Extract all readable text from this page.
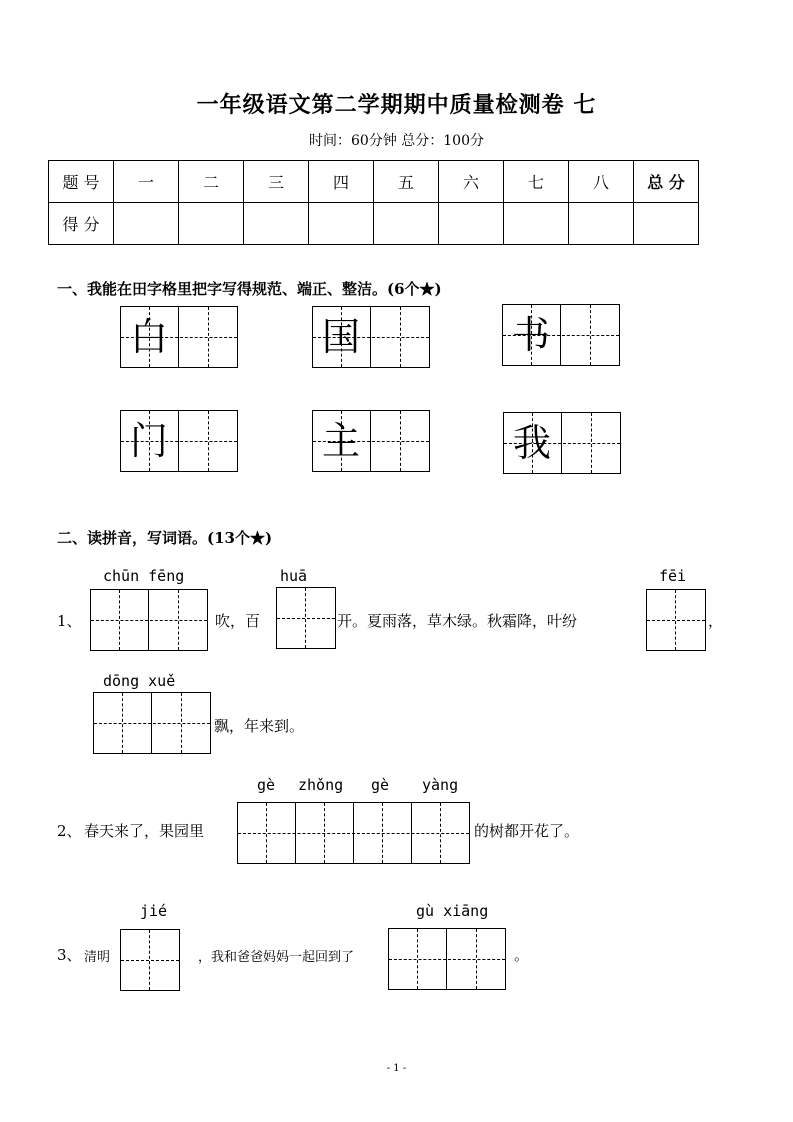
一年级语文第二学期期中质量检测卷 七
时间：60分钟 总分：100分
题 号	一	二	三	四	五	六	七	八	总 分
得 分									
一、我能在田字格里把字写得规范、端正、整洁。(6个★)
白	国	书
门	主	我
二、读拼音，写词语。(13个★)
1、
chūn fēng
吹，百
huā
开。夏雨落，草木绿。秋霜降，叶纷
fēi
，
dōng xuě
飘，年来到。
2、 春天来了，果园里
gè zhǒng gè yàng
的树都开花了。
3、 清明
jié
，我和爸爸妈妈一起回到了
gù xiāng
。
- 1 -
